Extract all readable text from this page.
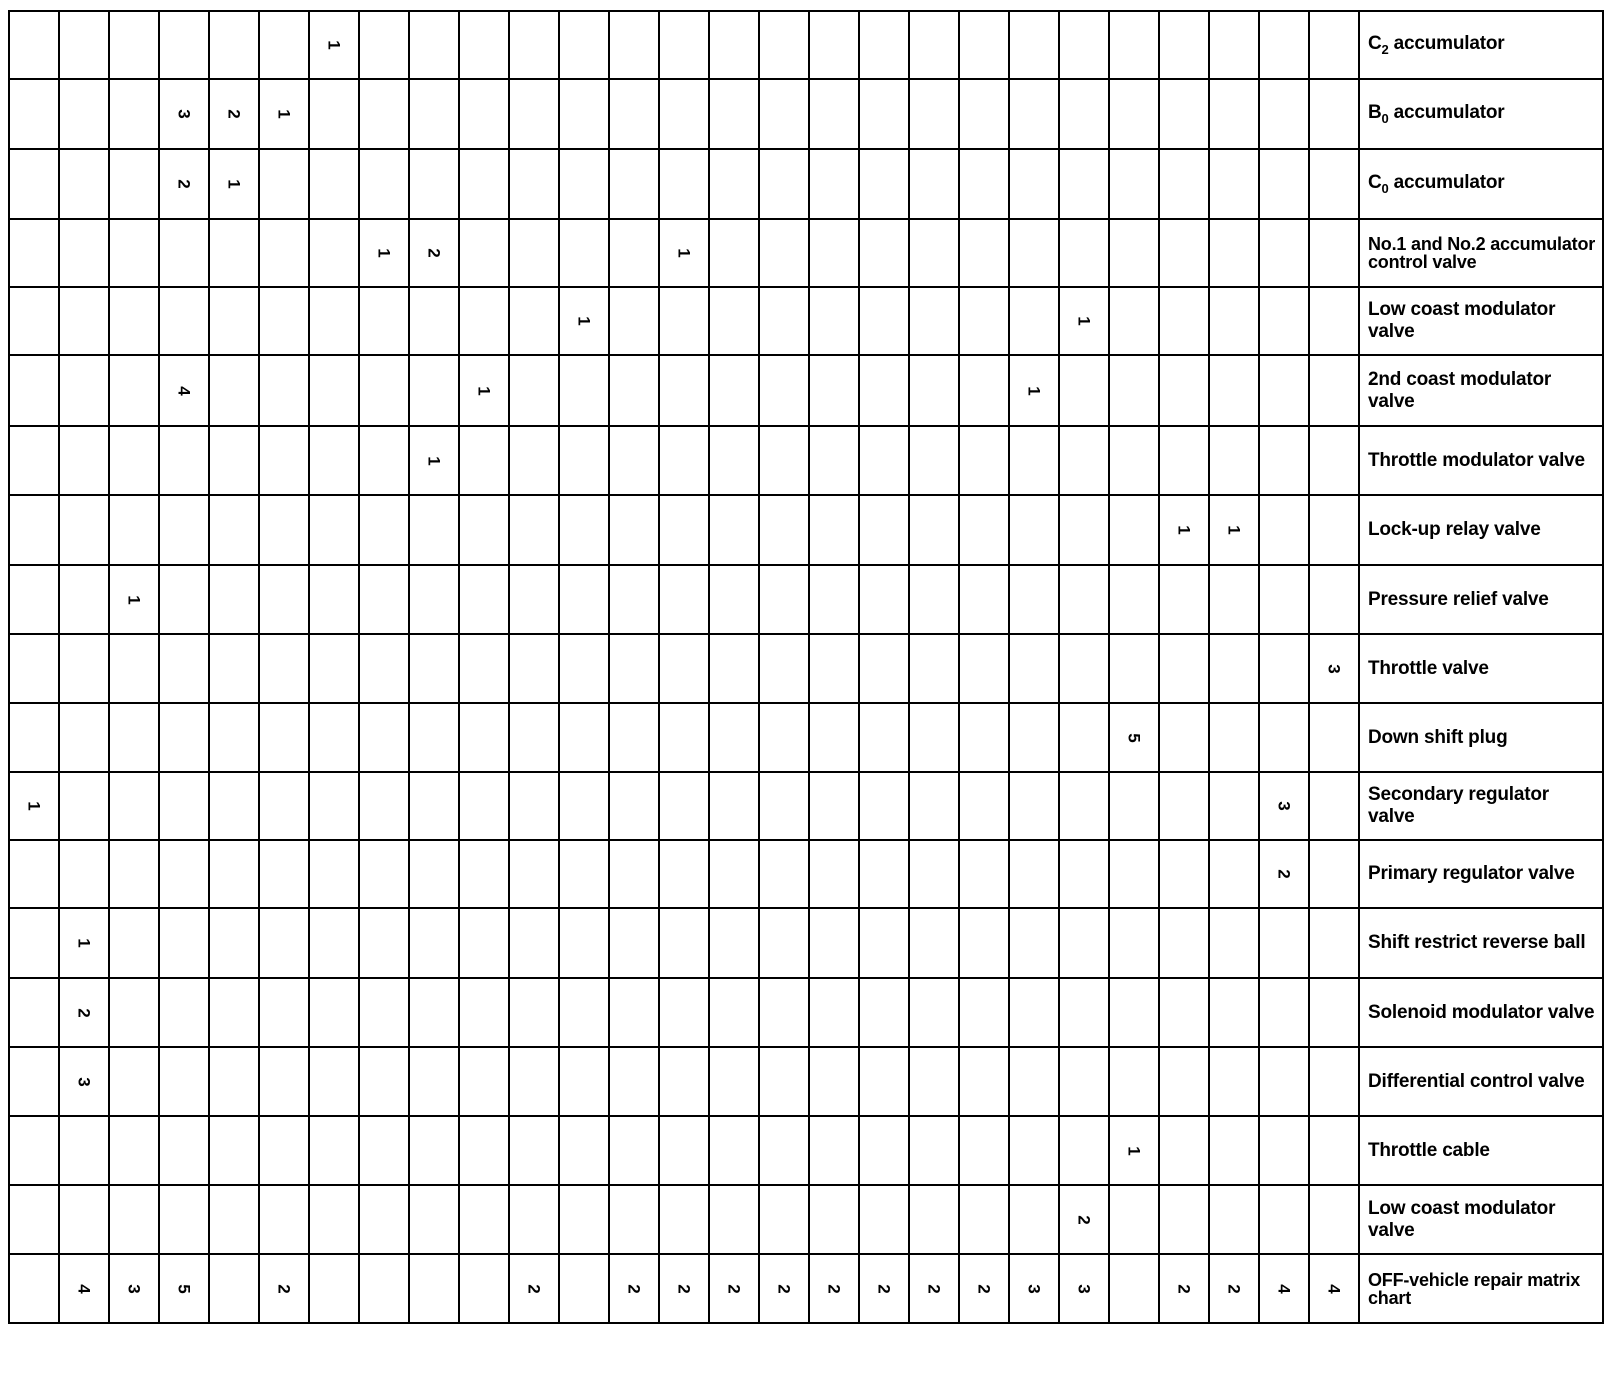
						1																					$C_2$ accumulator
			3	2	1																						$B_0$ accumulator
			2	1																							$C_0$ accumulator
							1	2					1														No.1 and No.2 accumulator control valve
											1										1						Low coast modulator valve
			4						1											1							2nd coast modulator valve
								1																			Throttle modulator valve
																							1	1			Lock-up relay valve
		1																									Pressure relief valve
																										3	Throttle valve
																						5					Down shift plug
1																									3		Secondary regulator valve
																									2		Primary regulator valve
	1																										Shift restrict reverse ball
	2																										Solenoid modulator valve
	3																										Differential control valve
																						1					Throttle cable
																					2						Low coast modulator valve
	4	3	5		2					2		2	2	2	2	2	2	2	2	3	3		2	2	4	4	OFF-vehicle repair matrix chart
